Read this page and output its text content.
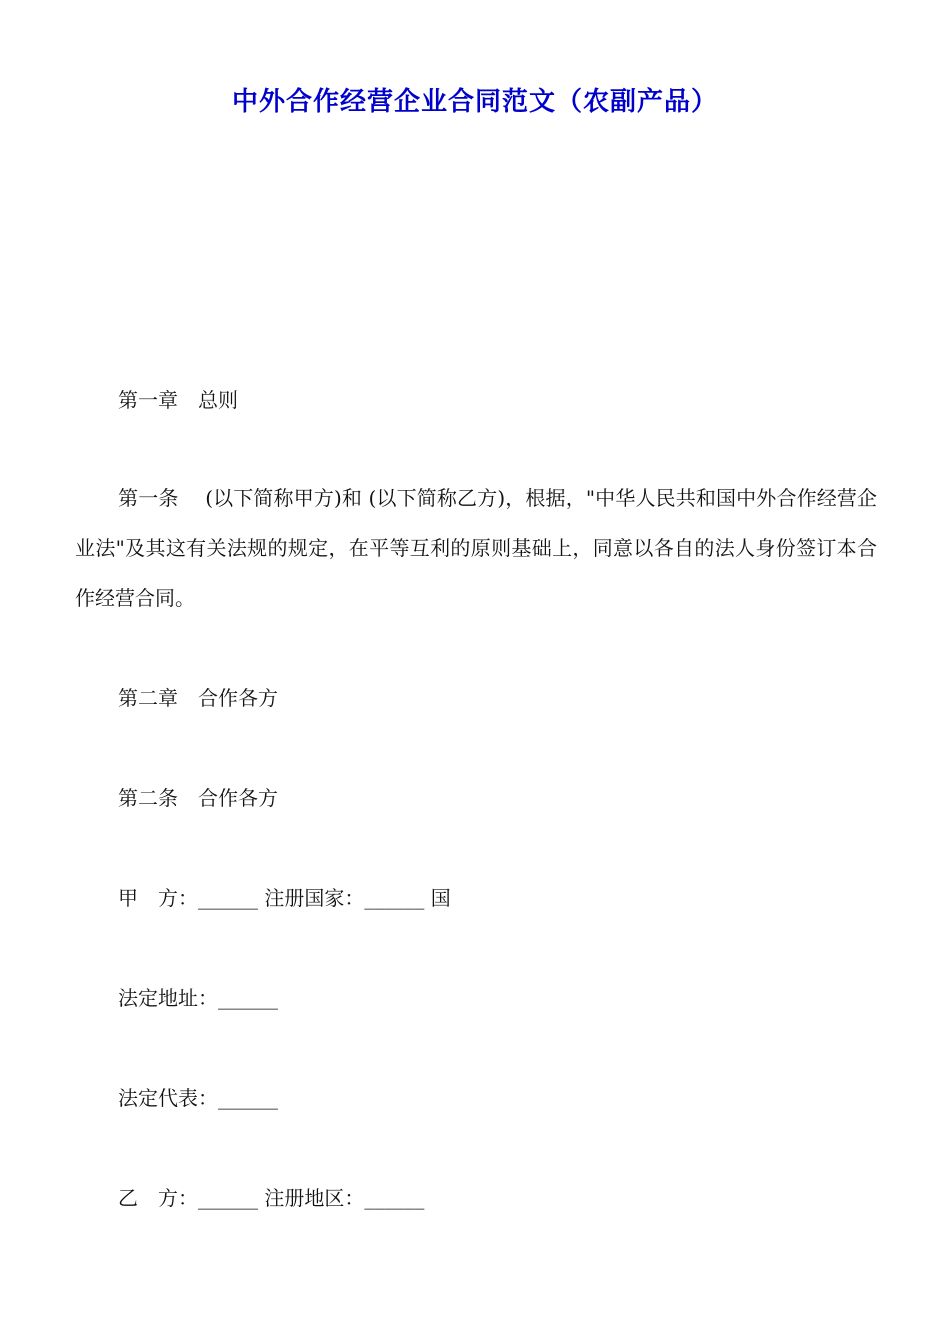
中外合作经营企业合同范文（农副产品）

第一章 总则

第一条　 (以下简称甲方)和 (以下简称乙方)，根据，"中华人民共和国中外合作经营企业法"及其这有关法规的规定，在平等互利的原则基础上，同意以各自的法人身份签订本合作经营合同。

第二章 合作各方

第二条 合作各方

甲　方：______ 注册国家：______ 国

法定地址：______

法定代表：______

乙　方：______ 注册地区：______
